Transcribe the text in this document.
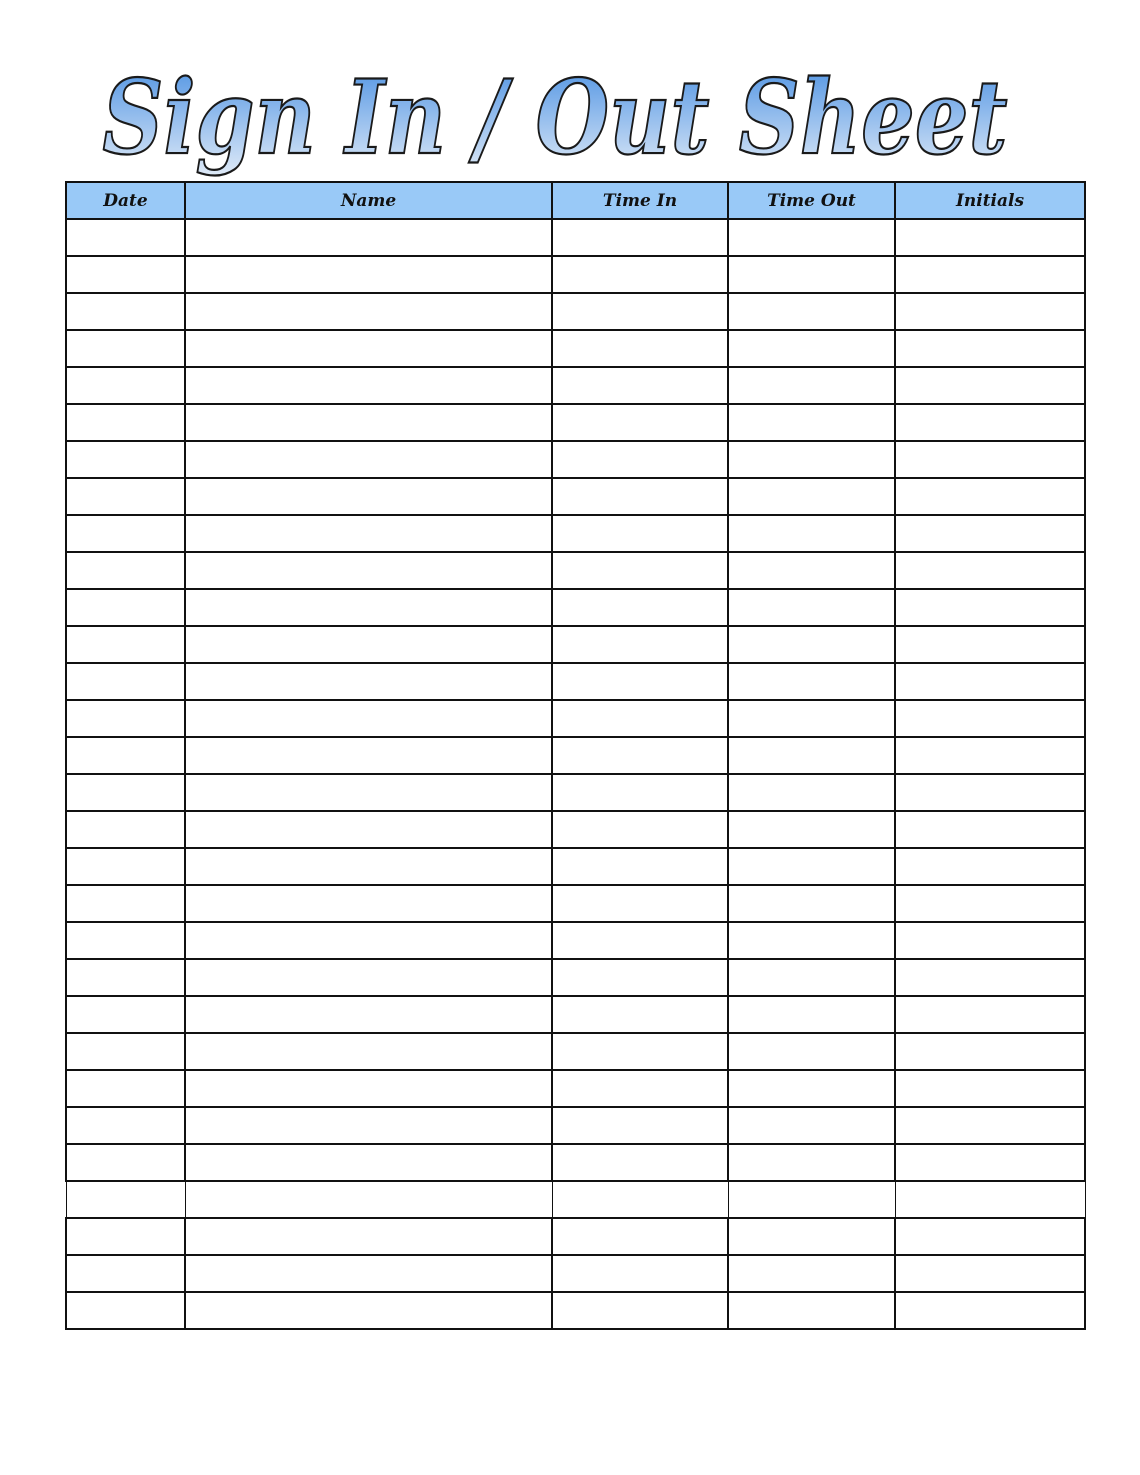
Sign In / Out Sheet
Date	Name	Time In	Time Out	Initials
